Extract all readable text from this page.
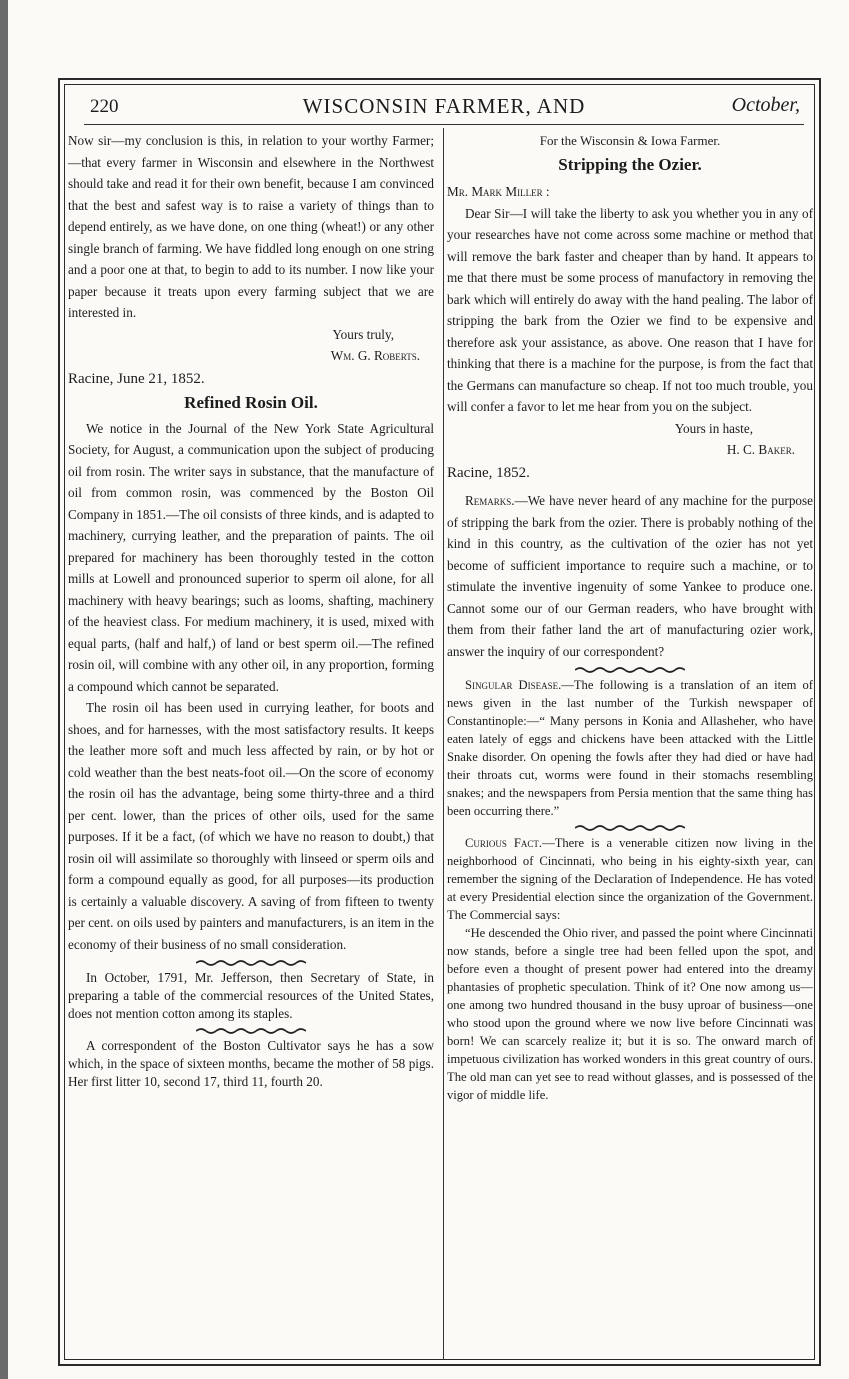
220	WISCONSIN FARMER, AND	October,

Now sir—my conclusion is this, in relation to your worthy Farmer;—that every farmer in Wisconsin and elsewhere in the Northwest should take and read it for their own benefit, because I am convinced that the best and safest way is to raise a variety of things than to depend entirely, as we have done, on one thing (wheat!) or any other single branch of farming. We have fiddled long enough on one string and a poor one at that, to begin to add to its number. I now like your paper because it treats upon every farming subject that we are interested in.

Yours truly,

Wm. G. Roberts.

Racine, June 21, 1852.

Refined Rosin Oil.

We notice in the Journal of the New York State Agricultural Society, for August, a communication upon the subject of producing oil from rosin. The writer says in substance, that the manufacture of oil from common rosin, was commenced by the Boston Oil Company in 1851.—The oil consists of three kinds, and is adapted to machinery, currying leather, and the preparation of paints. The oil prepared for machinery has been thoroughly tested in the cotton mills at Lowell and pronounced superior to sperm oil alone, for all machinery with heavy bearings; such as looms, shafting, machinery of the heaviest class. For medium machinery, it is used, mixed with equal parts, (half and half,) of land or best sperm oil.—The refined rosin oil, will combine with any other oil, in any proportion, forming a compound which cannot be separated.

The rosin oil has been used in currying leather, for boots and shoes, and for harnesses, with the most satisfactory results. It keeps the leather more soft and much less affected by rain, or by hot or cold weather than the best neats-foot oil.—On the score of economy the rosin oil has the advantage, being some thirty-three and a third per cent. lower, than the prices of other oils, used for the same purposes. If it be a fact, (of which we have no reason to doubt,) that rosin oil will assimilate so thoroughly with linseed or sperm oils and form a compound equally as good, for all purposes—its production is certainly a valuable discovery. A saving of from fifteen to twenty per cent. on oils used by painters and manufacturers, is an item in the economy of their business of no small consideration.

In October, 1791, Mr. Jefferson, then Secretary of State, in preparing a table of the commercial resources of the United States, does not mention cotton among its staples.

A correspondent of the Boston Cultivator says he has a sow which, in the space of sixteen months, became the mother of 58 pigs. Her first litter 10, second 17, third 11, fourth 20.

For the Wisconsin & Iowa Farmer.

Stripping the Ozier.

Mr. Mark Miller :

Dear Sir—I will take the liberty to ask you whether you in any of your researches have not come across some machine or method that will remove the bark faster and cheaper than by hand. It appears to me that there must be some process of manufactory in removing the bark which will entirely do away with the hand pealing. The labor of stripping the bark from the Ozier we find to be expensive and therefore ask your assistance, as above. One reason that I have for thinking that there is a machine for the purpose, is from the fact that the Germans can manufacture so cheap. If not too much trouble, you will confer a favor to let me hear from you on the subject.

Yours in haste,

H. C. Baker.

Racine, 1852.

Remarks.—We have never heard of any machine for the purpose of stripping the bark from the ozier. There is probably nothing of the kind in this country, as the cultivation of the ozier has not yet become of sufficient importance to require such a machine, or to stimulate the inventive ingenuity of some Yankee to produce one. Cannot some our of our German readers, who have brought with them from their father land the art of manufacturing ozier work, answer the inquiry of our correspondent?

Singular Disease.—The following is a translation of an item of news given in the last number of the Turkish newspaper of Constantinople:—“ Many persons in Konia and Allasheher, who have eaten lately of eggs and chickens have been attacked with the Little Snake disorder. On opening the fowls after they had died or have had their throats cut, worms were found in their stomachs resembling snakes; and the newspapers from Persia mention that the same thing has been occurring there.”

Curious Fact.—There is a venerable citizen now living in the neighborhood of Cincinnati, who being in his eighty-sixth year, can remember the signing of the Declaration of Independence. He has voted at every Presidential election since the organization of the Government. The Commercial says:

“He descended the Ohio river, and passed the point where Cincinnati now stands, before a single tree had been felled upon the spot, and before even a thought of present power had entered into the dreamy phantasies of prophetic speculation. Think of it? One now among us—one among two hundred thousand in the busy uproar of business—one who stood upon the ground where we now live before Cincinnati was born! We can scarcely realize it; but it is so. The onward march of impetuous civilization has worked wonders in this great country of ours. The old man can yet see to read without glasses, and is possessed of the vigor of middle life.
